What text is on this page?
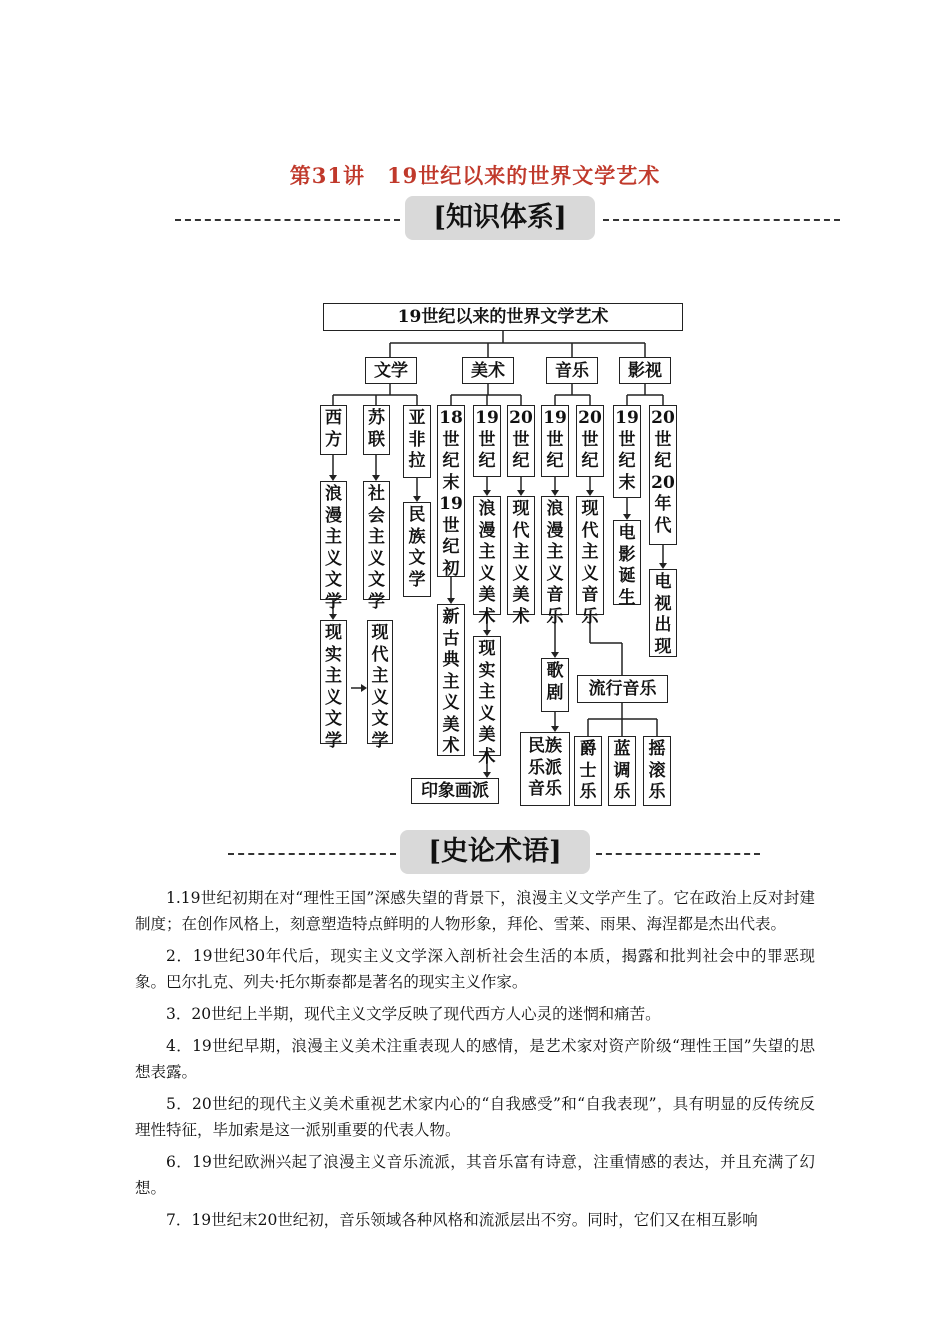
第31讲　19世纪以来的世界文学艺术
[知识体系]
19世纪以来的世界文学艺术
文学	美术	音乐	影视
西方
苏联
亚非拉
浪漫主义文学
社会主义文学
民族文学
现实主义文学
现代主义文学
18世纪末19世纪初
19世纪
20世纪
新古典主义美术
浪漫主义美术
现代主义美术
现实主义美术
印象画派
19世纪
20世纪
浪漫主义音乐
现代主义音乐
歌剧
民族乐派音乐
流行音乐
爵士乐
蓝调乐
摇滚乐
19世纪末
20世纪20年代
电影诞生
电视出现
[史论术语]

1.19世纪初期在对“理性王国”深感失望的背景下，浪漫主义文学产生了。它在政治上反对封建制度；在创作风格上，刻意塑造特点鲜明的人物形象，拜伦、雪莱、雨果、海涅都是杰出代表。

2．19世纪30年代后，现实主义文学深入剖析社会生活的本质，揭露和批判社会中的罪恶现象。巴尔扎克、列夫·托尔斯泰都是著名的现实主义作家。

3．20世纪上半期，现代主义文学反映了现代西方人心灵的迷惘和痛苦。

4．19世纪早期，浪漫主义美术注重表现人的感情，是艺术家对资产阶级“理性王国”失望的思想表露。

5．20世纪的现代主义美术重视艺术家内心的“自我感受”和“自我表现”，具有明显的反传统反理性特征，毕加索是这一派别重要的代表人物。

6．19世纪欧洲兴起了浪漫主义音乐流派，其音乐富有诗意，注重情感的表达，并且充满了幻想。

7．19世纪末20世纪初，音乐领域各种风格和流派层出不穷。同时，它们又在相互影响
